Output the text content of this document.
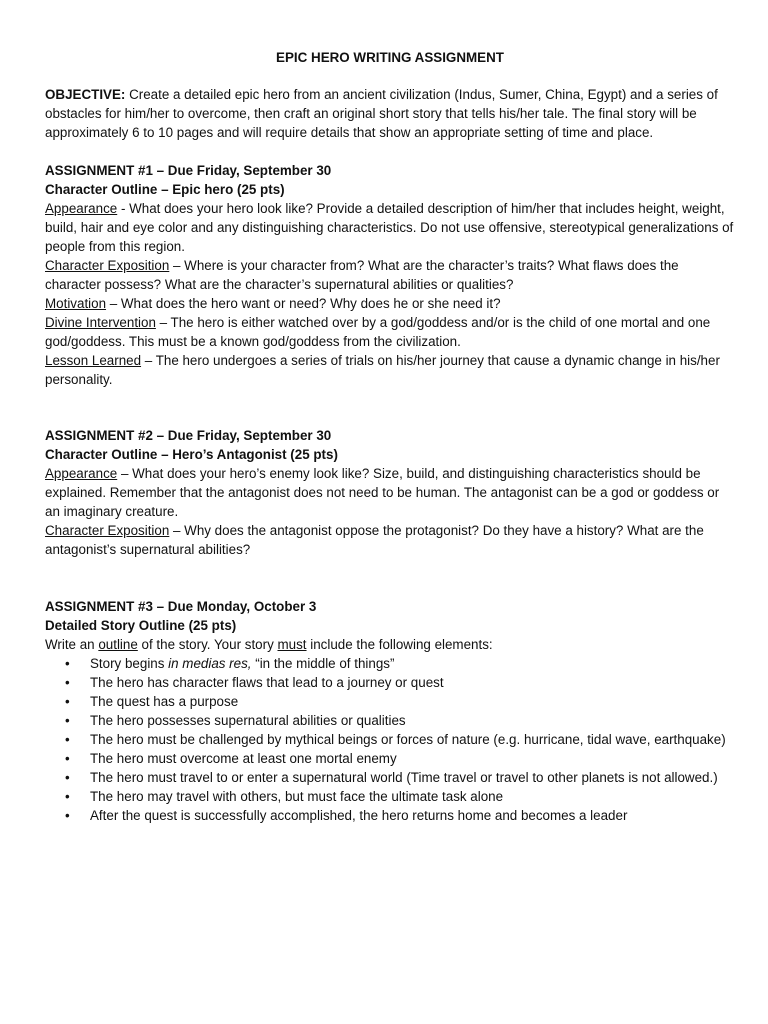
EPIC HERO WRITING ASSIGNMENT

OBJECTIVE: Create a detailed epic hero from an ancient civilization (Indus, Sumer, China, Egypt) and a series of obstacles for him/her to overcome, then craft an original short story that tells his/her tale. The final story will be approximately 6 to 10 pages and will require details that show an appropriate setting of time and place.

ASSIGNMENT #1 – Due Friday, September 30

Character Outline – Epic hero (25 pts)

Appearance - What does your hero look like? Provide a detailed description of him/her that includes height, weight, build, hair and eye color and any distinguishing characteristics. Do not use offensive, stereotypical generalizations of people from this region.

Character Exposition – Where is your character from? What are the character’s traits? What flaws does the character possess? What are the character’s supernatural abilities or qualities?

Motivation – What does the hero want or need? Why does he or she need it?

Divine Intervention – The hero is either watched over by a god/goddess and/or is the child of one mortal and one god/goddess. This must be a known god/goddess from the civilization.

Lesson Learned – The hero undergoes a series of trials on his/her journey that cause a dynamic change in his/her personality.

ASSIGNMENT #2 – Due Friday, September 30

Character Outline – Hero’s Antagonist (25 pts)

Appearance – What does your hero’s enemy look like? Size, build, and distinguishing characteristics should be explained. Remember that the antagonist does not need to be human. The antagonist can be a god or goddess or an imaginary creature.

Character Exposition – Why does the antagonist oppose the protagonist? Do they have a history? What are the antagonist’s supernatural abilities?

ASSIGNMENT #3 – Due Monday, October 3

Detailed Story Outline (25 pts)

Write an outline of the story. Your story must include the following elements:

• Story begins in medias res, “in the middle of things”
• The hero has character flaws that lead to a journey or quest
• The quest has a purpose
• The hero possesses supernatural abilities or qualities
• The hero must be challenged by mythical beings or forces of nature (e.g. hurricane, tidal wave, earthquake)
• The hero must overcome at least one mortal enemy
• The hero must travel to or enter a supernatural world (Time travel or travel to other planets is not allowed.)
• The hero may travel with others, but must face the ultimate task alone
• After the quest is successfully accomplished, the hero returns home and becomes a leader
